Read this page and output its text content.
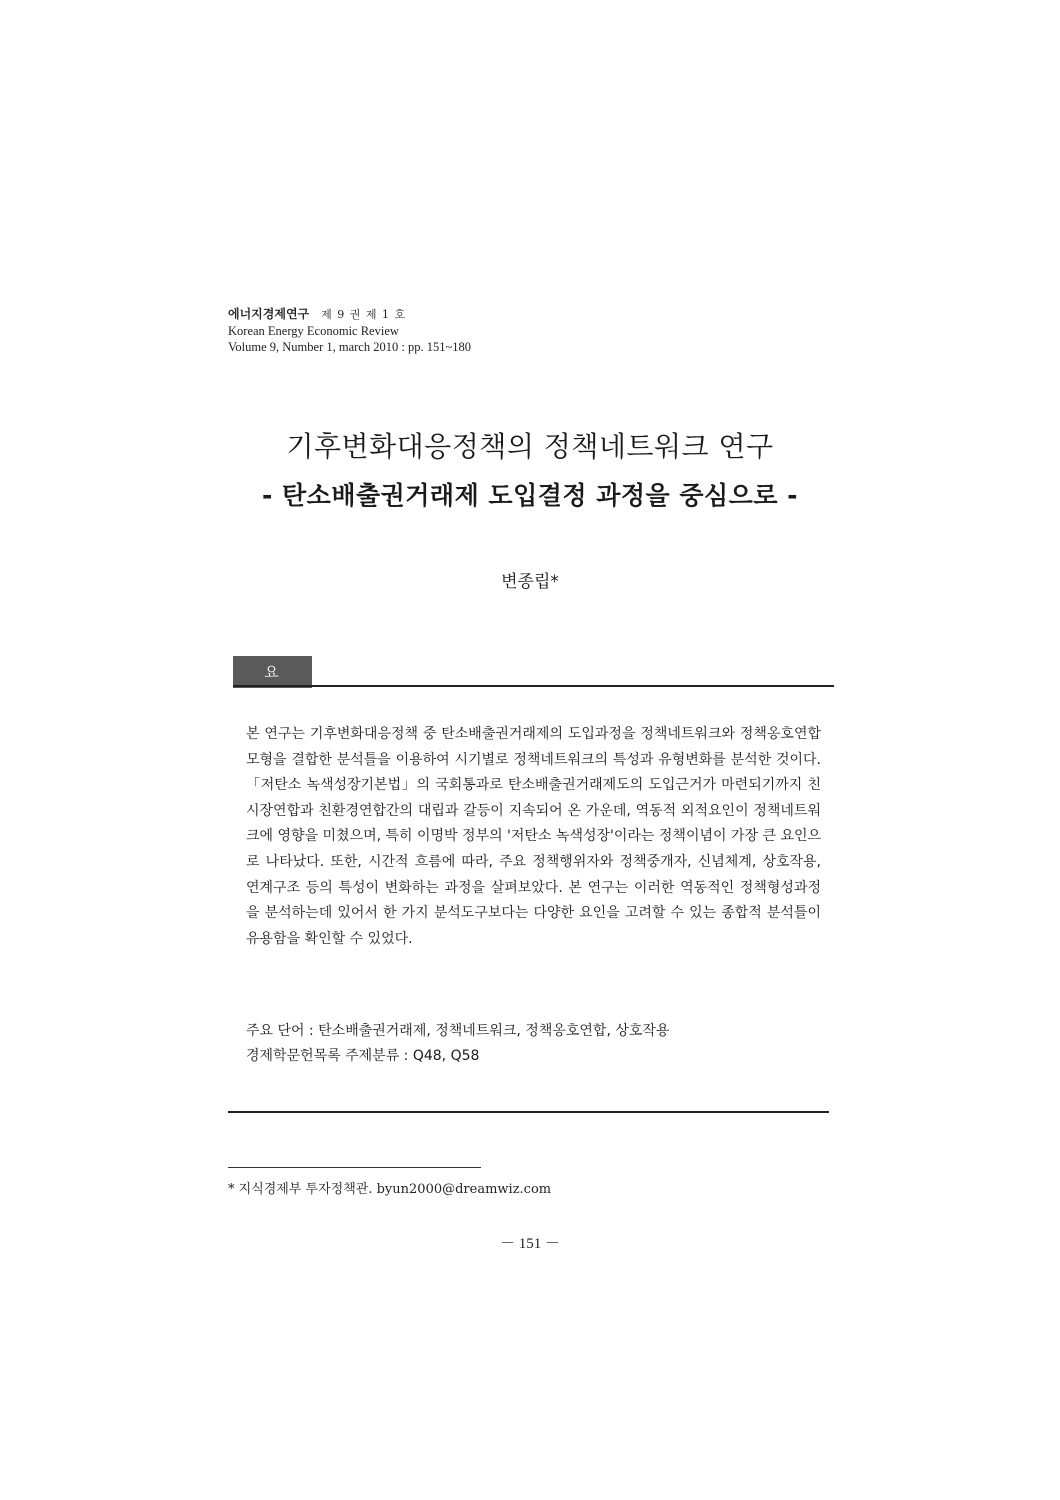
에너지경제연구 제 9 권 제 1 호
Korean Energy Economic Review
Volume 9, Number 1, march 2010 : pp. 151~180
기후변화대응정책의 정책네트워크 연구
- 탄소배출권거래제 도입결정 과정을 중심으로 -
변종립*
요 약
본 연구는 기후변화대응정책 중 탄소배출권거래제의 도입과정을 정책네트워크와 정책옹호연합모형을 결합한 분석틀을 이용하여 시기별로 정책네트워크의 특성과 유형변화를 분석한 것이다. 「저탄소 녹색성장기본법」의 국회통과로 탄소배출권거래제도의 도입근거가 마련되기까지 친시장연합과 친환경연합간의 대립과 갈등이 지속되어 온 가운데, 역동적 외적요인이 정책네트워크에 영향을 미쳤으며, 특히 이명박 정부의 '저탄소 녹색성장'이라는 정책이념이 가장 큰 요인으로 나타났다. 또한, 시간적 흐름에 따라, 주요 정책행위자와 정책중개자, 신념체계, 상호작용, 연계구조 등의 특성이 변화하는 과정을 살펴보았다. 본 연구는 이러한 역동적인 정책형성과정을 분석하는데 있어서 한 가지 분석도구보다는 다양한 요인을 고려할 수 있는 종합적 분석틀이 유용함을 확인할 수 있었다.
주요 단어 : 탄소배출권거래제, 정책네트워크, 정책옹호연합, 상호작용
경제학문헌목록 주제분류 : Q48, Q58
* 지식경제부 투자정책관. byun2000@dreamwiz.com
－ 151 －
